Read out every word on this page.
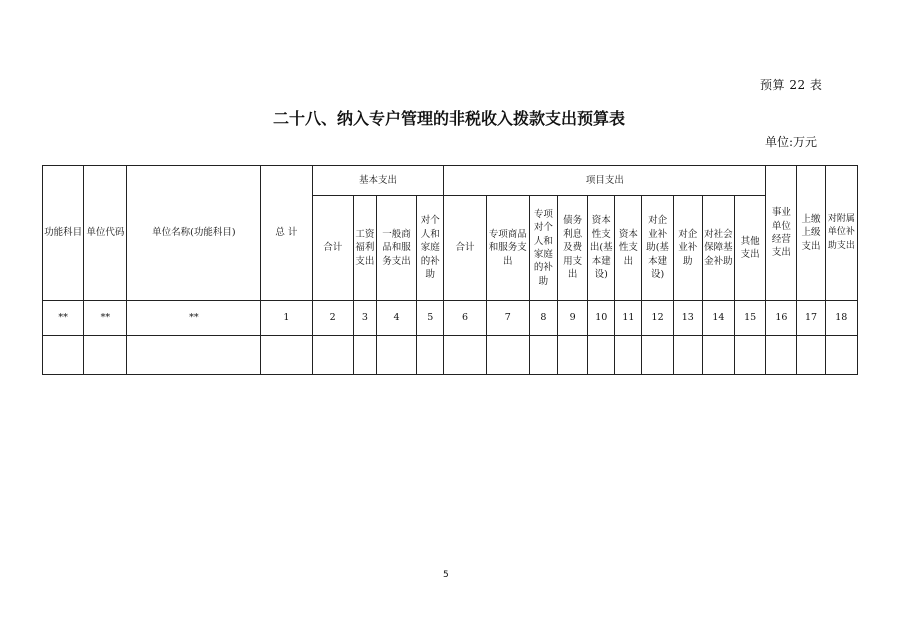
预算 22 表
二十八、纳入专户管理的非税收入拨款支出预算表
单位:万元
功能科目	单位代码	单位名称(功能科目)	总 计	基本支出				项目支出										事业单位经营支出	上缴上级支出	对附属单位补助支出
				合计	工资福利支出	一般商品和服务支出	对个人和家庭的补助	合计	专项商品和服务支出	专项对个人和家庭的补助	债务利息及费用支出	资本性支出(基本建设)	资本性支出	对企业补助(基本建设)	对企业补助	对社会保障基金补助	其他支出			
**	**	**	1	2	3	4	5	6	7	8	9	10	11	12	13	14	15	16	17	18

5
